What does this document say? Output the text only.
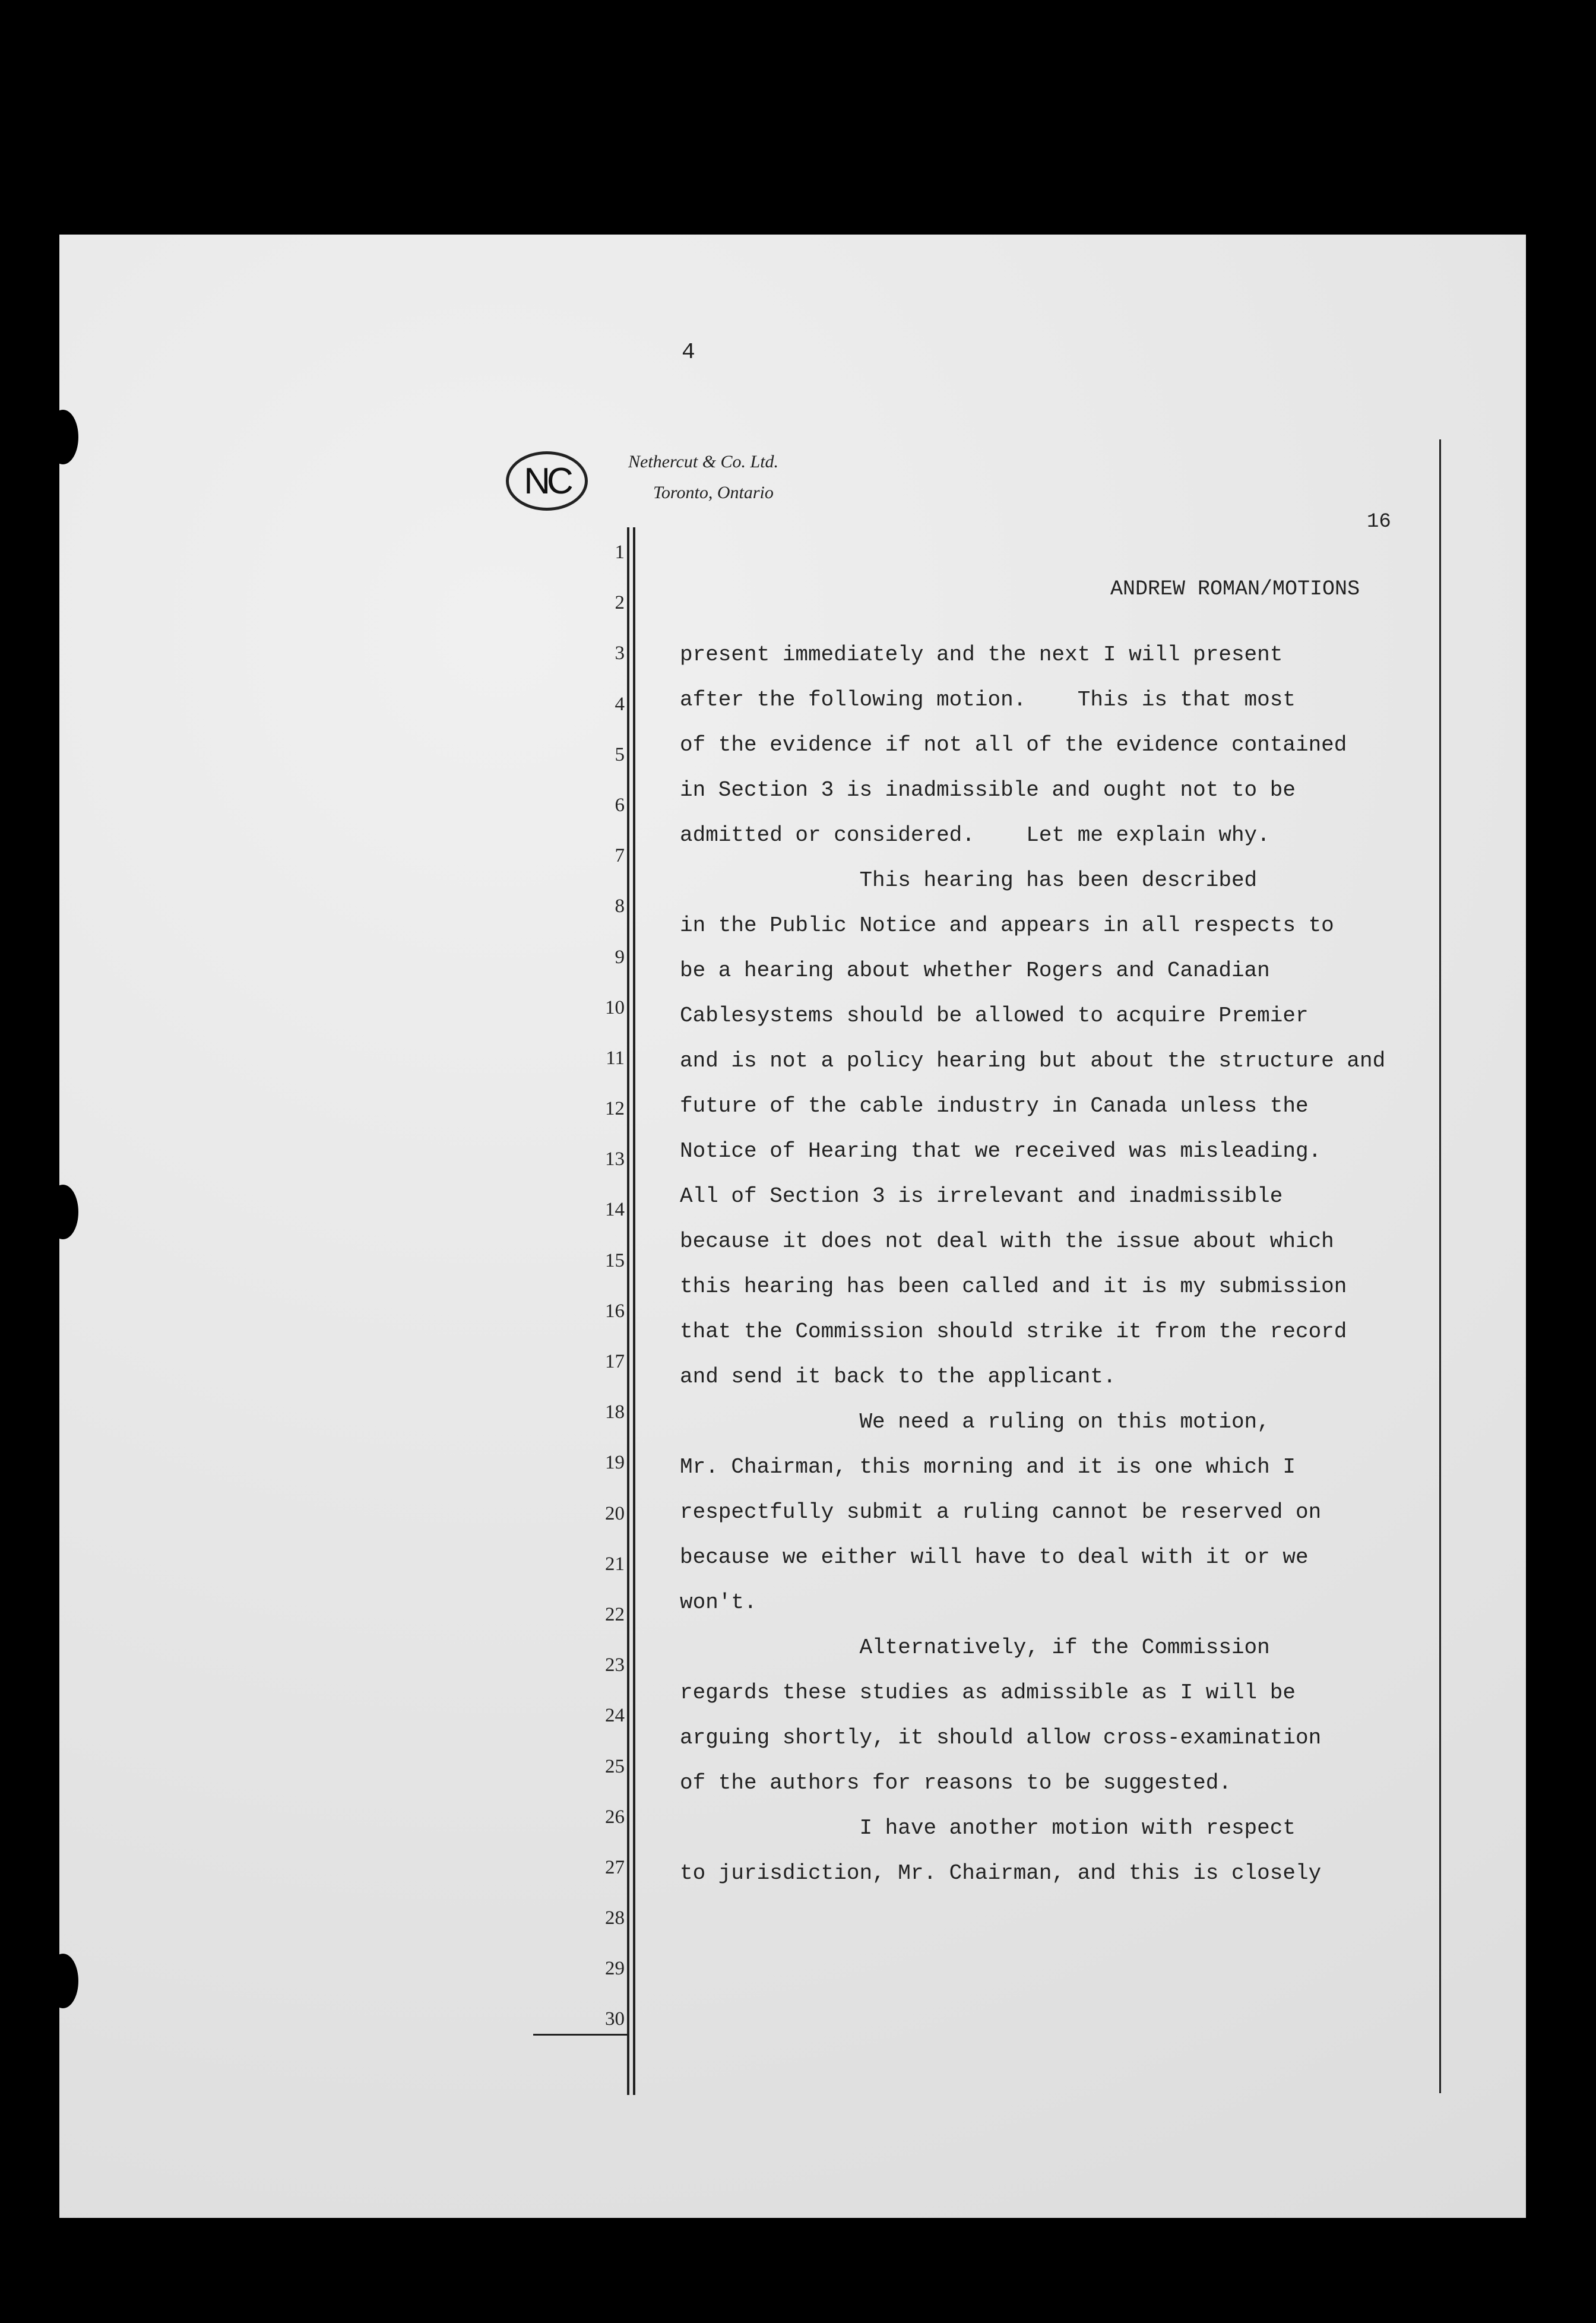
4
NC	Nethercut & Co. Ltd.
Toronto, Ontario
16
1
2
3
4
5
6
7
8
9
10
11
12
13
14
15
16
17
18
19
20
21
22
23
24
25
26
27
28
29
30
ANDREW ROMAN/MOTIONS
present immediately and the next I will present
after the following motion.    This is that most
of the evidence if not all of the evidence contained
in Section 3 is inadmissible and ought not to be
admitted or considered.    Let me explain why.
This hearing has been described
in the Public Notice and appears in all respects to
be a hearing about whether Rogers and Canadian
Cablesystems should be allowed to acquire Premier
and is not a policy hearing but about the structure and
future of the cable industry in Canada unless the
Notice of Hearing that we received was misleading.
All of Section 3 is irrelevant and inadmissible
because it does not deal with the issue about which
this hearing has been called and it is my submission
that the Commission should strike it from the record
and send it back to the applicant.
We need a ruling on this motion,
Mr. Chairman, this morning and it is one which I
respectfully submit a ruling cannot be reserved on
because we either will have to deal with it or we
won't.
Alternatively, if the Commission
regards these studies as admissible as I will be
arguing shortly, it should allow cross-examination
of the authors for reasons to be suggested.
I have another motion with respect
to jurisdiction, Mr. Chairman, and this is closely
